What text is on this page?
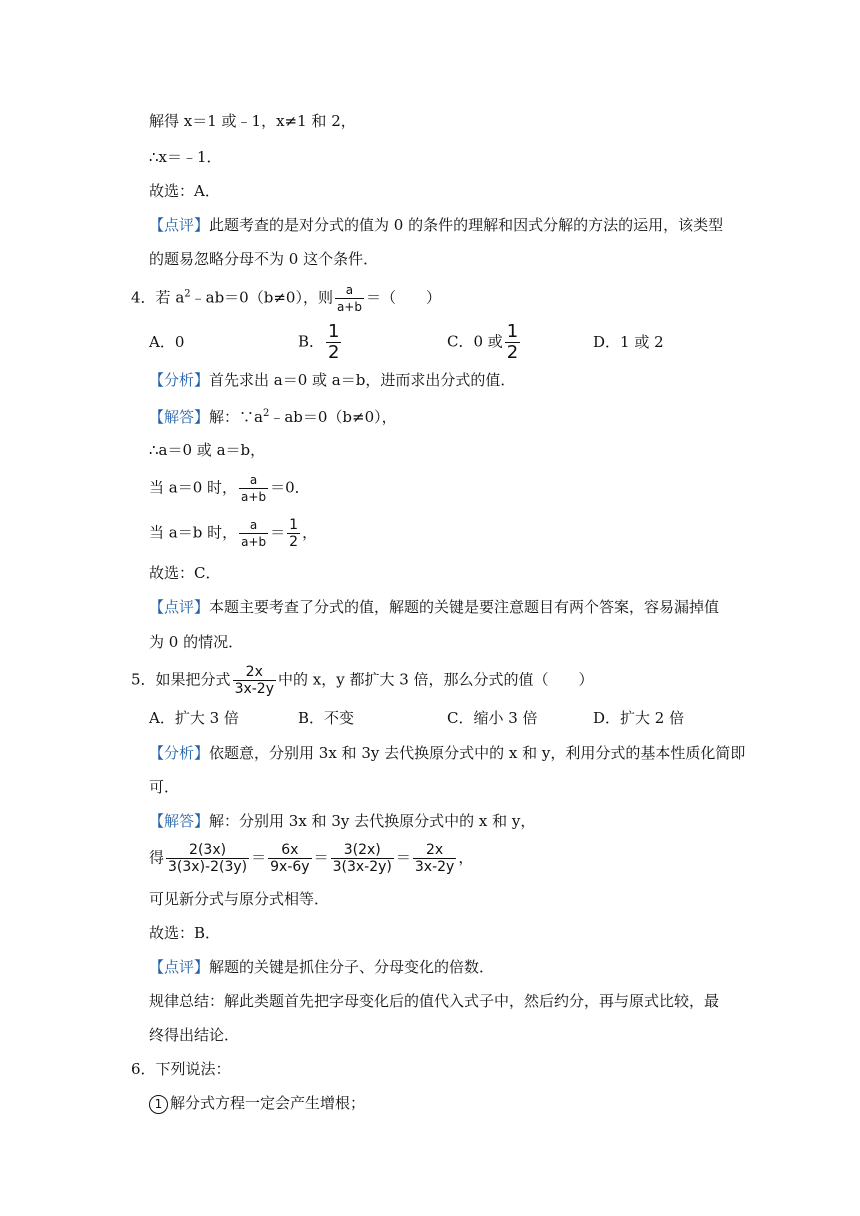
解得 x＝1 或﹣1，x≠1 和 2，
∴x＝﹣1．
故选：A．
【点评】此题考查的是对分式的值为 0 的条件的理解和因式分解的方法的运用，该类型
的题易忽略分母不为 0 这个条件．
4．若 $a^2﹣ab=0(b\ne 0)$，则 $\frac{a}{a+b}$ ＝（　　）
A．0	B． $\frac{1}{2}$	C．0 或 $\frac{1}{2}$	D．1 或 2
【分析】首先求出 a＝0 或 a＝b，进而求出分式的值．
【解答】解：$\because a^2﹣ab=0(b\ne 0)$，
∴a＝0 或 a＝b，
当 a＝0 时， $\frac{a}{a+b} =0$．
当 a＝b 时， $\frac{a}{a+b} = \frac{1}{2}$ ，
故选：C．
【点评】本题主要考查了分式的值，解题的关键是要注意题目有两个答案，容易漏掉值
为 0 的情况．
5．如果把分式 $\frac{2x}{3x-2y}$ 中的 x，y 都扩大 3 倍，那么分式的值（　　）
A．扩大 3 倍	B．不变	C．缩小 3 倍	D．扩大 2 倍
【分析】依题意，分别用 3x 和 3y 去代换原分式中的 x 和 y，利用分式的基本性质化简即
可．
【解答】解：分别用 3x 和 3y 去代换原分式中的 x 和 y，
得 $\frac{2(3x)}{3(3x)-2(3y)} = \frac{6x}{9x-6y} = \frac{3(2x)}{3(3x-2y)} = \frac{2x}{3x-2y}$ ，
可见新分式与原分式相等．
故选：B．
【点评】解题的关键是抓住分子、分母变化的倍数．
规律总结：解此类题首先把字母变化后的值代入式子中，然后约分，再与原式比较，最
终得出结论．
6．下列说法：
1 解分式方程一定会产生增根；
